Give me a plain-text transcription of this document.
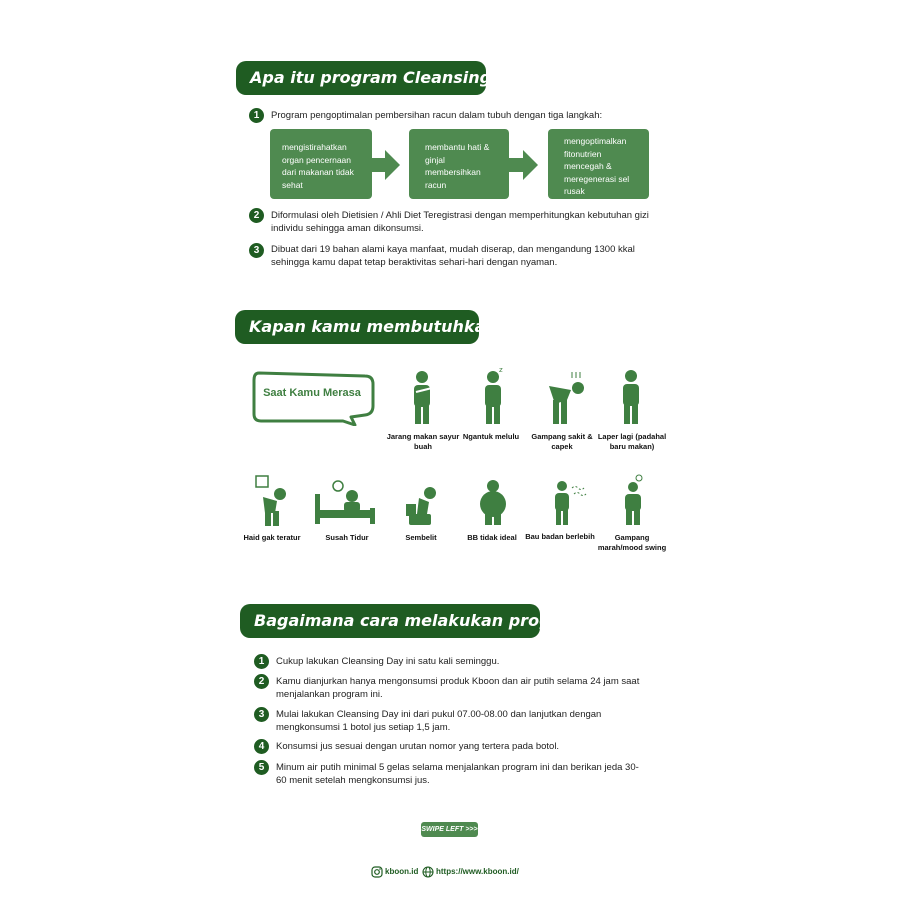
Apa itu program Cleansing Day?
1	Program pengoptimalan pembersihan racun dalam tubuh dengan tiga langkah:
mengistirahatkan organ pencernaan dari makanan tidak sehat
membantu hati & ginjal membersihkan racun
mengoptimalkan fitonutrien mencegah & meregenerasi sel rusak
2	Diformulasi oleh Dietisien / Ahli Diet Teregistrasi dengan memperhitungkan kebutuhan gizi individu sehingga aman dikonsumsi.
3	Dibuat dari 19 bahan alami kaya manfaat, mudah diserap, dan mengandung 1300 kkal sehingga kamu dapat tetap beraktivitas sehari-hari dengan nyaman.
Kapan kamu membutuhkannya?
Saat Kamu Merasa
z
Jarang makan sayur buah
Ngantuk melulu	Gampang sakit & capek
Laper lagi (padahal baru makan)
Haid gak teratur	Susah Tidur	Sembelit	BB tidak ideal	Bau badan berlebih	Gampang marah/mood swing
Bagaimana cara melakukan program ini?
1	Cukup lakukan Cleansing Day ini satu kali seminggu.
2	Kamu dianjurkan hanya mengonsumsi produk Kboon dan air putih selama 24 jam saat menjalankan program ini.
3	Mulai lakukan Cleansing Day ini dari pukul 07.00-08.00 dan lanjutkan dengan mengkonsumsi 1 botol jus setiap 1,5 jam.
4	Konsumsi jus sesuai dengan urutan nomor yang tertera pada botol.
5	Minum air putih minimal 5 gelas selama menjalankan program ini dan berikan jeda 30-60 menit setelah mengkonsumsi jus.
SWIPE LEFT >>>
kboon.id https://www.kboon.id/
